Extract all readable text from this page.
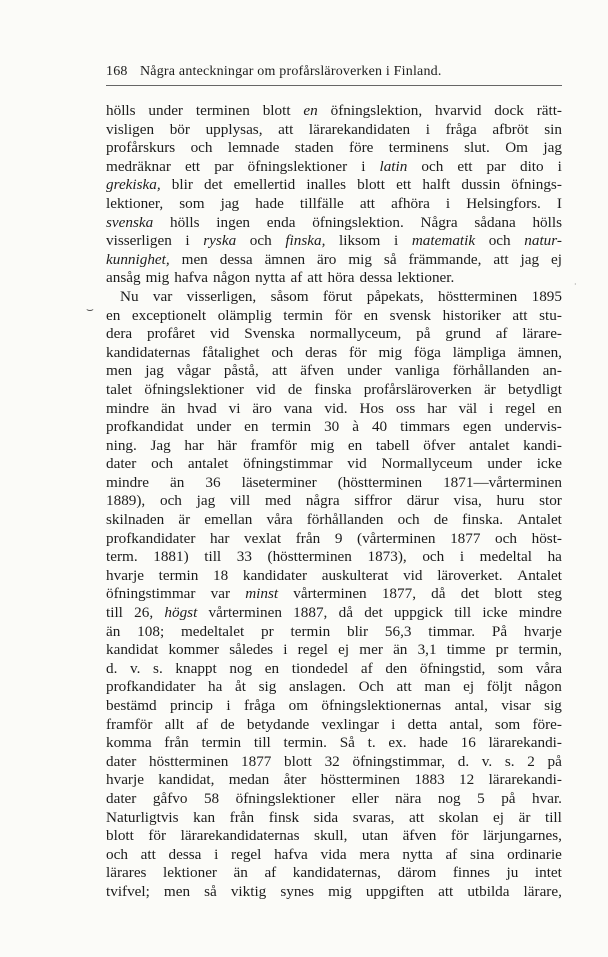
168 Några anteckningar om profårsläroverken i Finland.
⌣
·
hölls under terminen blott en öfningslektion, hvarvid dock rätt-
visligen bör upplysas, att lärarekandidaten i fråga afbröt sin
profårskurs och lemnade staden före terminens slut. Om jag
medräknar ett par öfningslektioner i latin och ett par dito i
grekiska, blir det emellertid inalles blott ett halft dussin öfnings-
lektioner, som jag hade tillfälle att afhöra i Helsingfors. I
svenska hölls ingen enda öfningslektion. Några sådana hölls
visserligen i ryska och finska, liksom i matematik och natur-
kunnighet, men dessa ämnen äro mig så främmande, att jag ej
ansåg mig hafva någon nytta af att höra dessa lektioner.
Nu var visserligen, såsom förut påpekats, höstterminen 1895
en exceptionelt olämplig termin för en svensk historiker att stu-
dera profåret vid Svenska normallyceum, på grund af lärare-
kandidaternas fåtalighet och deras för mig föga lämpliga ämnen,
men jag vågar påstå, att äfven under vanliga förhållanden an-
talet öfningslektioner vid de finska profårsläroverken är betydligt
mindre än hvad vi äro vana vid. Hos oss har väl i regel en
profkandidat under en termin 30 à 40 timmars egen undervis-
ning. Jag har här framför mig en tabell öfver antalet kandi-
dater och antalet öfningstimmar vid Normallyceum under icke
mindre än 36 läseterminer (höstterminen 1871—vårterminen
1889), och jag vill med några siffror därur visa, huru stor
skilnaden är emellan våra förhållanden och de finska. Antalet
profkandidater har vexlat från 9 (vårterminen 1877 och höst-
term. 1881) till 33 (höstterminen 1873), och i medeltal ha
hvarje termin 18 kandidater auskulterat vid läroverket. Antalet
öfningstimmar var minst vårterminen 1877, då det blott steg
till 26, högst vårterminen 1887, då det uppgick till icke mindre
än 108; medeltalet pr termin blir 56,3 timmar. På hvarje
kandidat kommer således i regel ej mer än 3,1 timme pr termin,
d. v. s. knappt nog en tiondedel af den öfningstid, som våra
profkandidater ha åt sig anslagen. Och att man ej följt någon
bestämd princip i fråga om öfningslektionernas antal, visar sig
framför allt af de betydande vexlingar i detta antal, som före-
komma från termin till termin. Så t. ex. hade 16 lärarekandi-
dater höstterminen 1877 blott 32 öfningstimmar, d. v. s. 2 på
hvarje kandidat, medan åter höstterminen 1883 12 lärarekandi-
dater gåfvo 58 öfningslektioner eller nära nog 5 på hvar.
Naturligtvis kan från finsk sida svaras, att skolan ej är till
blott för lärarekandidaternas skull, utan äfven för lärjungarnes,
och att dessa i regel hafva vida mera nytta af sina ordinarie
lärares lektioner än af kandidaternas, därom finnes ju intet
tvifvel; men så viktig synes mig uppgiften att utbilda lärare,
